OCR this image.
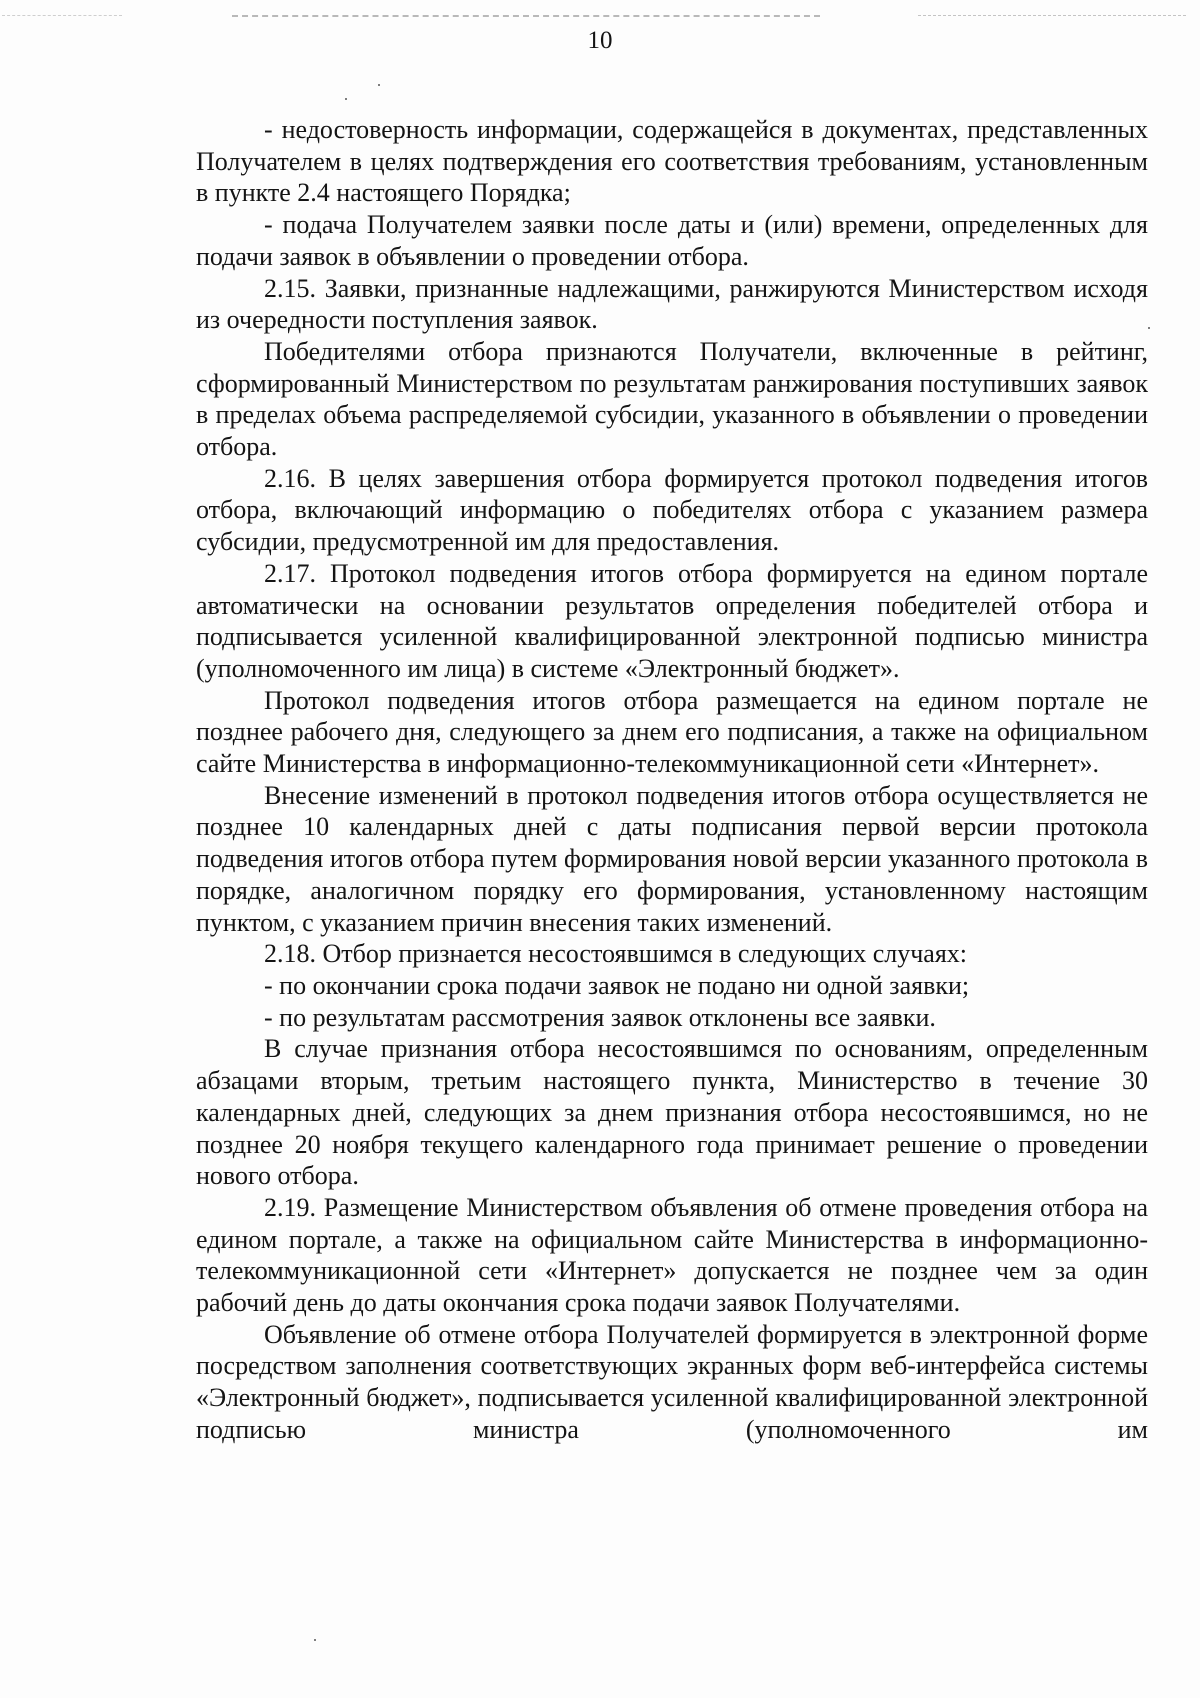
10

- недостоверность информации, содержащейся в документах, представленных Получателем в целях подтверждения его соответствия требованиям, установленным в пункте 2.4 настоящего Порядка;

- подача Получателем заявки после даты и (или) времени, определенных для подачи заявок в объявлении о проведении отбора.

2.15. Заявки, признанные надлежащими, ранжируются Министерством исходя из очередности поступления заявок.

Победителями отбора признаются Получатели, включенные в рейтинг, сформированный Министерством по результатам ранжирования поступивших заявок в пределах объема распределяемой субсидии, указанного в объявлении о проведении отбора.

2.16. В целях завершения отбора формируется протокол подведения итогов отбора, включающий информацию о победителях отбора с указанием размера субсидии, предусмотренной им для предоставления.

2.17. Протокол подведения итогов отбора формируется на едином портале автоматически на основании результатов определения победителей отбора и подписывается усиленной квалифицированной электронной подписью министра (уполномоченного им лица) в системе «Электронный бюджет».

Протокол подведения итогов отбора размещается на едином портале не позднее рабочего дня, следующего за днем его подписания, а также на официальном сайте Министерства в информационно-телекоммуникационной сети «Интернет».

Внесение изменений в протокол подведения итогов отбора осуществляется не позднее 10 календарных дней с даты подписания первой версии протокола подведения итогов отбора путем формирования новой версии указанного протокола в порядке, аналогичном порядку его формирования, установленному настоящим пунктом, с указанием причин внесения таких изменений.

2.18. Отбор признается несостоявшимся в следующих случаях:

- по окончании срока подачи заявок не подано ни одной заявки;

- по результатам рассмотрения заявок отклонены все заявки.

В случае признания отбора несостоявшимся по основаниям, определенным абзацами вторым, третьим настоящего пункта, Министерство в течение 30 календарных дней, следующих за днем признания отбора несостоявшимся, но не позднее 20 ноября текущего календарного года принимает решение о проведении нового отбора.

2.19. Размещение Министерством объявления об отмене проведения отбора на едином портале, а также на официальном сайте Министерства в информационно-телекоммуникационной сети «Интернет» допускается не позднее чем за один рабочий день до даты окончания срока подачи заявок Получателями.

Объявление об отмене отбора Получателей формируется в электронной форме посредством заполнения соответствующих экранных форм веб-интерфейса системы «Электронный бюджет», подписывается усиленной квалифицированной электронной подписью министра (уполномоченного им
